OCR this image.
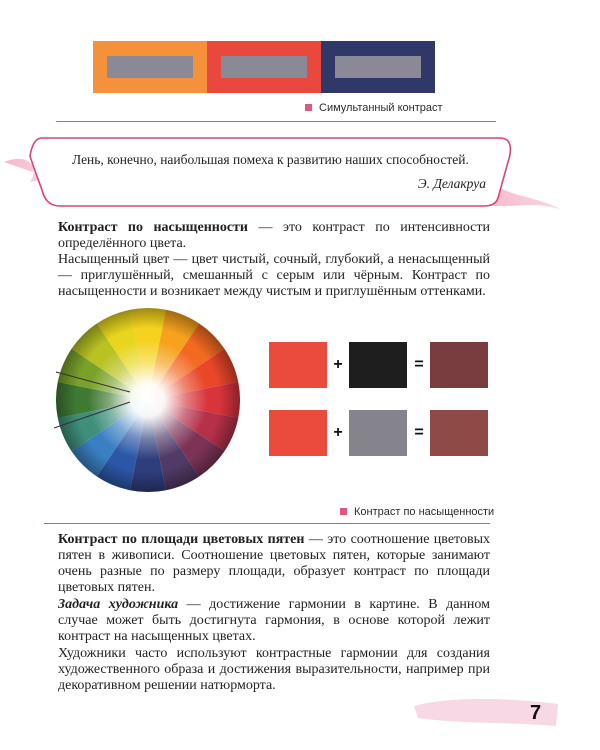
Симультанный контраст
Лень, конечно, наибольшая помеха к развитию наших способностей.
Э. Делакруа

Контраст по насыщенности — это контраст по интенсивности определённого цвета.

Насыщенный цвет — цвет чистый, сочный, глубокий, а ненасыщенный — приглушённый, смешанный с серым или чёрным. Контраст по насыщенности и возникает между чистым и приглушённым оттенками.

+	=
+	=
Контраст по насыщенности

Контраст по площади цветовых пятен — это соотношение цветовых пятен в живописи. Соотношение цветовых пятен, которые занимают очень разные по размеру площади, образует контраст по площади цветовых пятен.

Задача художника — достижение гармонии в картине. В данном случае может быть достигнута гармония, в основе которой лежит контраст на насыщенных цветах.

Художники часто используют контрастные гармонии для создания художественного образа и достижения выразительности, например при декоративном решении натюрморта.

7
